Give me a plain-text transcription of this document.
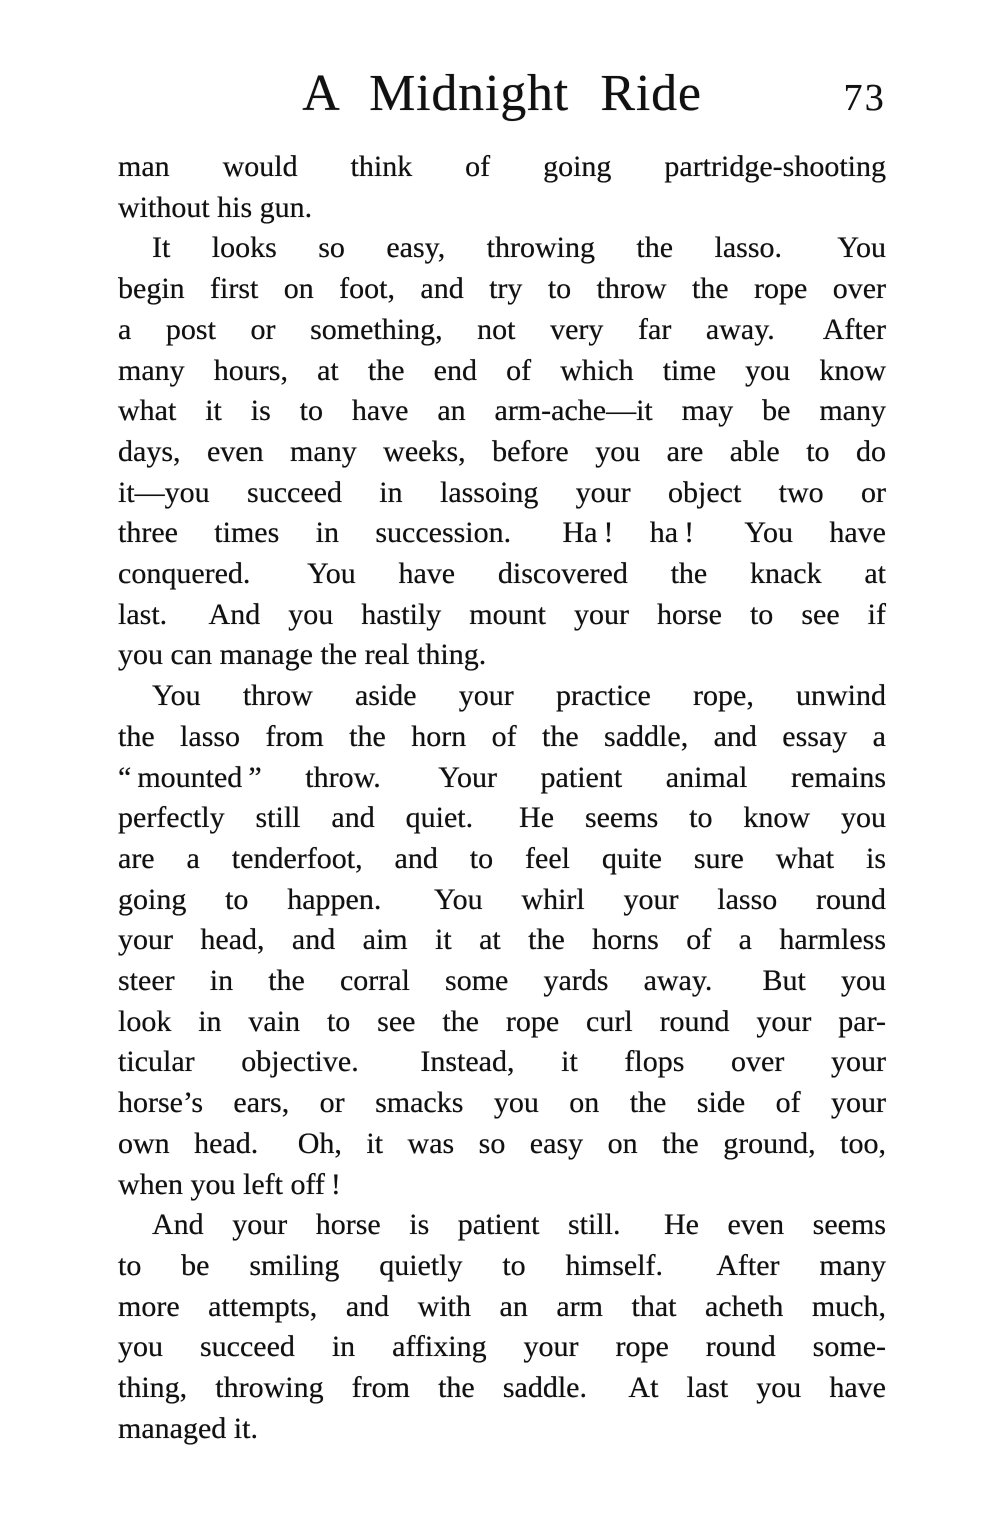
A Midnight Ride	73

man would think of going partridge-shooting
without his gun.

It looks so easy, throwing the lasso.  You
begin first on foot, and try to throw the rope over
a post or something, not very far away.  After
many hours, at the end of which time you know
what it is to have an arm-ache—it may be many
days, even many weeks, before you are able to do
it—you succeed in lassoing your object two or
three times in succession.  Ha ! ha !  You have
conquered.  You have discovered the knack at
last.  And you hastily mount your horse to see if
you can manage the real thing.

You throw aside your practice rope, unwind
the lasso from the horn of the saddle, and essay a
“ mounted ” throw.  Your patient animal remains
perfectly still and quiet.  He seems to know you
are a tenderfoot, and to feel quite sure what is
going to happen.  You whirl your lasso round
your head, and aim it at the horns of a harmless
steer in the corral some yards away.  But you
look in vain to see the rope curl round your par-
ticular objective.  Instead, it flops over your
horse’s ears, or smacks you on the side of your
own head.  Oh, it was so easy on the ground, too,
when you left off !

And your horse is patient still.  He even seems
to be smiling quietly to himself.  After many
more attempts, and with an arm that acheth much,
you succeed in affixing your rope round some-
thing, throwing from the saddle.  At last you have
managed it.
